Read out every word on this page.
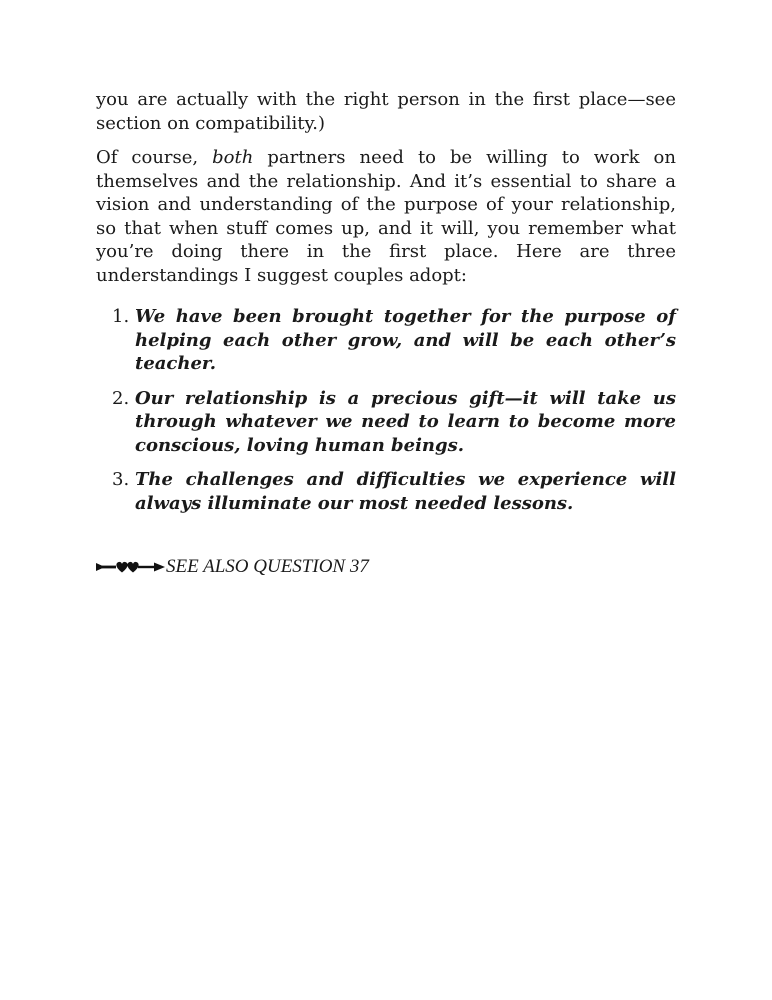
you are actually with the right person in the first place—see section on compatibility.)

Of course, both partners need to be willing to work on themselves and the relationship. And it’s essential to share a vision and understanding of the purpose of your relationship, so that when stuff comes up, and it will, you remember what you’re doing there in the first place. Here are three understandings I suggest couples adopt:

1. We have been brought together for the purpose of helping each other grow, and will be each other’s teacher.
2. Our relationship is a precious gift—it will take us through whatever we need to learn to become more conscious, loving human beings.
3. The challenges and difficulties we experience will always illuminate our most needed lessons.
SEE ALSO QUESTION 37
